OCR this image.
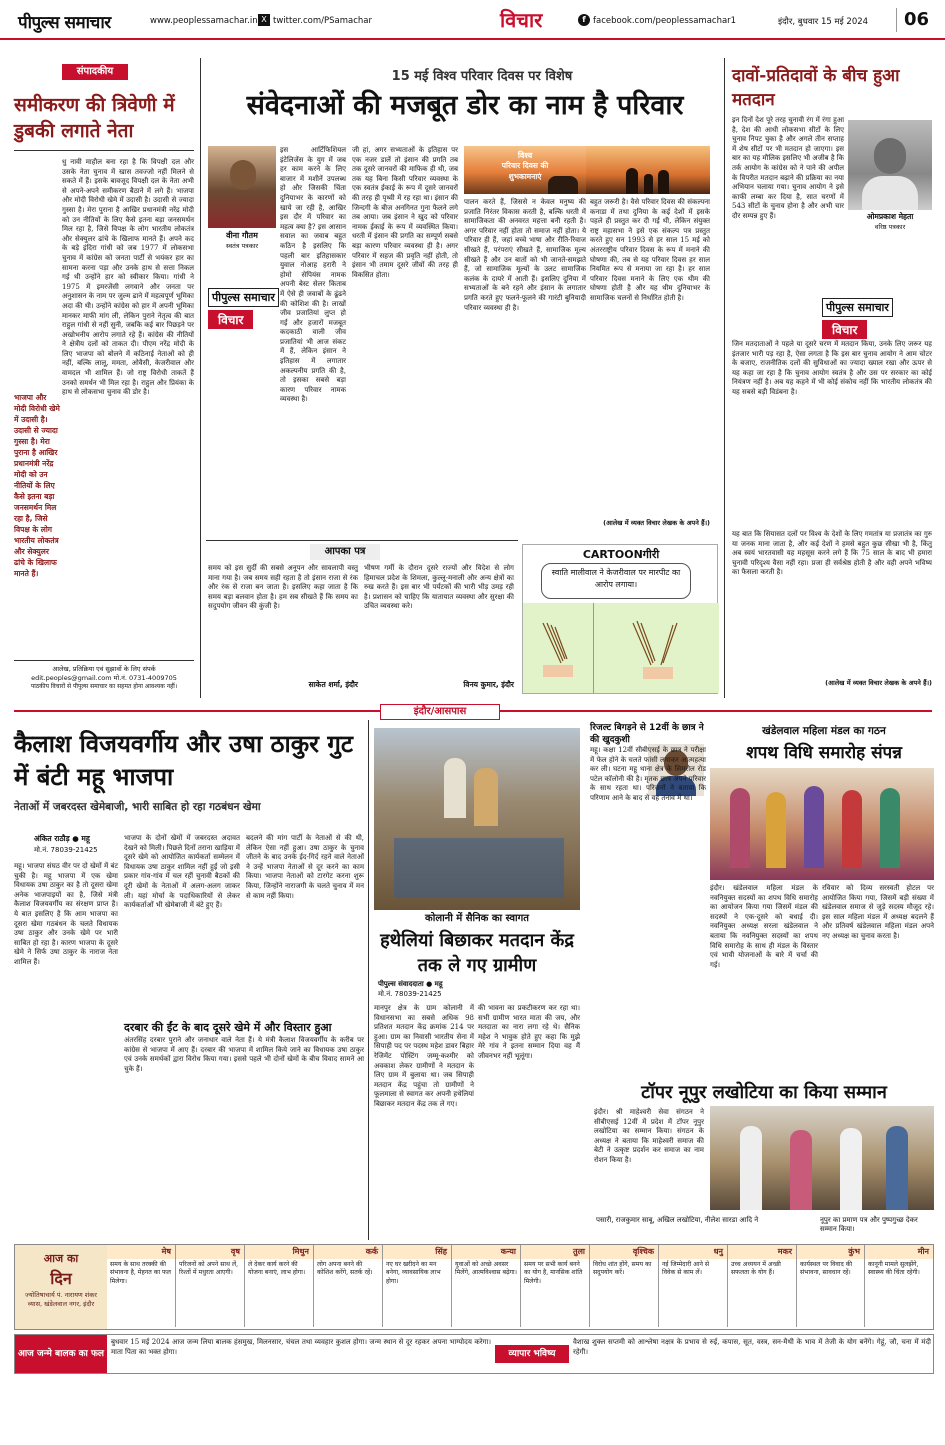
पीपुल्स समाचार	www.peoplessamachar.in X twitter.com/PSamachar	विचार	f facebook.com/peoplessamachar1	इंदौर, बुधवार 15 मई 2024	06
संपादकीय
समीकरण की त्रिवेणी में डुबकी लगाते नेता
धु नावी माहौल बना रहा है कि विपक्षी दल और उसके नेता चुनाव में खास तवज्जो नहीं मिलने से सकते में हैं। इसके बावजूद विपक्षी दल के नेता अभी से अपने-अपने समीकरण बैठाने में लगे हैं। भाजपा और मोदी विरोधी खेमे में उदासी है। उदासी से ज्यादा गुस्सा है। मेरा पुराना है आखिर प्रधानमंत्री नरेंद्र मोदी को उन नीतियों के लिए कैसे इतना बड़ा जनसमर्थन मिल रहा है, जिसे विपक्ष के लोग भारतीय लोकतंत्र और सेक्युलर ढांचे के खिलाफ मानते हैं। अपने कद के बड़े इंदिरा गांधी को जब 1977 में लोकसभा चुनाव में कांग्रेस को जनता पार्टी से भयंकर हार का सामना करना पड़ा और उनके हाथ से सत्ता निकल गई थी उन्होंने हार को स्वीकार किया। गांधी ने 1975 में इमरजेंसी लगवाने और जनता पर अनुशासन के नाम पर जुल्म ढाने में महत्वपूर्ण भूमिका अदा की थी। उन्होंने कांग्रेस को हार में अपनी भूमिका मानकर माफी मांग ली, लेकिन पुराने नेतृत्व की बात राहुल गांधी से नहीं सुनी, जबकि कई बार पिछड़ने पर अखोभनीय आरोप लगाते रहे हैं। कांग्रेस की नीतियों ने क्षेत्रीय दलों को ताकत दी। पीएम नरेंद्र मोदी के लिए भाजपा को बोलने में कठिनाई नेताओं को ही नहीं, बल्कि लालू, ममता, ओवैसी, केजरीवाल और वामदल भी शामिल हैं। जो राष्ट्र विरोधी ताकतें हैं उनको समर्थन भी मिल रहा है। राहुल और प्रियंका के हाथ से लोकसभा चुनाव की डोर है।
भाजपा और मोदी विरोधी खेमे में उदासी है। उदासी से ज्यादा गुस्सा है। मेरा पुराना है आखिर प्रधानमंत्री नरेंद्र मोदी को उन नीतियों के लिए कैसे इतना बड़ा जनसमर्थन मिल रहा है, जिसे विपक्ष के लोग भारतीय लोकतंत्र और सेक्युलर ढांचे के खिलाफ मानते हैं।
आलेख, प्रतिक्रिया एवं सुझावों के लिए संपर्क
edit.peoples@gmail.com मो.नं. 0731-4009705
पाठकीय विचारों से पीपुल्स समाचार का सहमत होना आवश्यक नहीं।
15 मई विश्व परिवार दिवस पर विशेष
संवेदनाओं की मजबूत डोर का नाम है परिवार
वीना गौतम
स्वतंत्र पत्रकार
पीपुल्स समाचार
विचार
इस आर्टिफिशियल इंटेलिजेंस के युग में जब हर काम करने के लिए बाजार में मशीनें उपलब्ध हो और जिसकी चिंता दुनियाभर के कारणों को खाये जा रही है, आखिर इस दौर में परिवार का महत्व क्या है? इस आसान सवाल का जवाब बहुत कठिन है इसलिए कि पहली बार इतिहासकार युवाल नोआह हरारी ने होमो सेपियंस नामक अपनी बेस्ट सेलर किताब में ऐसे ही जवाबों के ढूंढने की कोशिश की है। लाखों जीव प्रजातियां लुप्त हो गईं और हजारों मजबूत कदकाठी वाली जीव प्रजातियां भी आज संकट में हैं, लेकिन इंसान ने इतिहास में लगातार अकल्पनीय प्रगति की है, तो इसका सबसे बड़ा कारण परिवार नामक व्यवस्था है।
जी हां, अगर सभ्यताओं के इतिहास पर एक नजर डालें तो इंसान की प्रगति तब तक दूसरे जानवरों की माफिक ही थी, जब तक यह बिना किसी परिवार व्यवस्था के एक स्वतंत्र ईकाई के रूप में दूसरे जानवरों की तरह ही पृथ्वी में रह रहा था। इंसान की जिन्दगी के बीज अनगिनत गुना फैलने लगे तब आया। जब इंसान ने खुद को परिवार नामक ईकाई के रूप में व्यवस्थित किया। धरती में इंसान की प्रगति का सम्पूर्ण सबसे बड़ा कारण परिवार व्यवस्था ही है। अगर परिवार में सहज की प्रवृति नहीं होती, तो इंसान भी तमाम दूसरे जीवों की तरह ही विकसित होता।
विश्व
परिवार दिवस की
शुभकामनाएं
पालन करते हैं, जिससे न केवल मनुष्य की प्रजाति निरंतर विकास करती है, बल्कि धरती में सामाजिकता की अनवरत महत्ता बनी रहती है। अगर परिवार नहीं होता तो समाज नहीं होता। ये परिवार ही हैं, जहां बच्चे भाषा और रीति-रिवाज सीखते हैं, परंपराएं सीखते हैं, सामाजिक मूल्य सीखते हैं और उन बातों को भी जानते-समझते हैं, जो सामाजिक मूल्यों के उलट सामाजिक कलंक के दायरे में आती हैं। इसलिए दुनिया में सभ्यताओं के बने रहने और इंसान के लगातार प्रगति करते हुए फलने-फूलने की गारंटी बुनियादी परिवार व्यवस्था ही है।
बहुत जरूरी है। वैसे परिवार दिवस की संकल्पना कनाडा में तथा दुनिया के कई देशों में इसके पहले ही प्रस्तुत कर दी गई थी, लेकिन संयुक्त राष्ट्र महासभा ने इसे एक संकल्प पत्र प्रस्तुत करते हुए सन 1993 से हर साल 15 मई को अंतरराष्ट्रीय परिवार दिवस के रूप में मनाने की घोषणा की, तब से यह परिवार दिवस हर साल नियमित रूप से मनाया जा रहा है। हर साल परिवार दिवस मनाने के लिए एक थीम की घोषणा होती है और यह थीम दुनियाभर के सामाजिक चलनों से निर्धारित होती है।
(आलेख में व्यक्त विचार लेखक के अपने हैं।)
दावों-प्रतिदावों के बीच हुआ मतदान
इन दिनों देश पूरे तरह चुनावी रंग में रंगा हुआ है, देश की आधी लोकसभा सीटों के लिए चुनाव निपट चुका है और अगले तीन सप्ताह में शेष सीटों पर भी मतदान हो जाएगा। इस बार का यह मौलिक इसलिए भी अजीब है कि तर्क आयोग के कांग्रेस को ने पाने की अपील के विपरीत मतदान बढ़ाने की प्रक्रिया का नया अभियान चलाया गया। चुनाव आयोग ने इसे काफी लम्बा कर दिया है, सात चरणों में 543 सीटों के चुनाव होना है और अभी चार दौर सम्पन्न हुए हैं।	ओमप्रकाश मेहता
वरिष्ठ पत्रकार
पीपुल्स समाचार
विचार
जिन मतदाताओं ने पहले या दूसरे चरण में मतदान किया, उनके लिए जरूर यह इंतजार भारी पड़ रहा है, ऐसा लगता है कि इस बार चुनाव आयोग ने आम चोटर के बजाए, राजनीतिक दलों की सुविधाओं का ज्यादा ख्याल रखा और ऊपर से यह कहा जा रहा है कि चुनाव आयोग स्वतंत्र है और उस पर सरकार का कोई नियंत्रण नहीं है। अब यह कहने में भी कोई संकोच नहीं कि भारतीय लोकतंत्र की यह सबसे बड़ी विडंबना है।
यह बात कि सियासत दलों पर विश्व के देशों के लिए गमतांत्र या प्रजातंत्र का गुरु या जनक माना जाता है, और कई देशों ने हमसे बहुत कुछ सीखा भी है, किंतु अब स्वयं भारतवासी यह महसूस करने लगे हैं कि 75 साल के बाद भी हमारा चुनावी परिदृश्य वैसा नहीं रहा। प्रजा ही सर्वश्रेष्ठ होती है और वही अपने भविष्य का फैसला करती है।
(आलेख में व्यक्त विचार लेखक के अपने हैं।)
आपका पत्र
समय को इस सुर्दी की सबसे अनूपन और सावलापी वस्तु माना गया है। जब समय सही रहता है तो इंसान राजा से रंक और रंक से राजा बन जाता है। इसलिए कहा जाता है कि समय बड़ा बलवान होता है। हम सब सीखते हैं कि समय का सदुपयोग जीवन की कुंजी है।
साकेत शर्मा, इंदौर
भीषण गर्मी के दौरान दूसरे राज्यों और विदेश से लोग हिमाचल प्रदेश के शिमला, कुल्लू-मनाली और अन्य क्षेत्रों का रुख करते हैं। इस बार भी पर्यटकों की भारी भीड़ उमड़ रही है। प्रशासन को चाहिए कि यातायात व्यवस्था और सुरक्षा की उचित व्यवस्था करे।
विनय कुमार, इंदौर
CARTOONगीरी
स्वाति मालीवाल ने केजरीवाल पर मारपीट का आरोप लगाया।
इंदौर/आसपास
कैलाश विजयवर्गीय और उषा ठाकुर गुट में बंटी महू भाजपा
नेताओं में जबरदस्त खेमेबाजी, भारी साबित हो रहा गठबंधन खेमा
अंकित राठौड़ ● महू
मो.नं. 78039-21425
महू। भाजपा संघठ वीर पर दो खेमों में बंट चुकी है। महू भाजपा में एक खेमा विधायक उषा ठाकुर का है तो दूसरा खेमा अनेक भाजपाइयों का है, जिसे मंत्री कैलाश विजयवर्गीय का संरक्षण प्राप्त है। ये बात इसलिए है कि आम भाजपा का दूसरा खेमा गठबंधन के चलते विधायक उषा ठाकुर और उनके खेमे पर भारी साबित हो रहा है। कारण भाजपा के दूसरे खेमे ने सिर्फ उषा ठाकुर के नाराज नेता शामिल हैं।
भाजपा के दोनों खेमों में जबरदस्त अदावत देखने को मिली। पिछले दिनों तराना खाड़िया में दूसरे खेमे को आयोजित कार्यकर्ता सम्मेलन में विधायक उषा ठाकुर शामिल नहीं हुईं जो इसी प्रकार गांव-गांव में चल रहीं चुनावी बैठकों की दूरी खेमों के नेताओं में अलग-अलग जाकर ली। यहां मोर्चा के पदाधिकारियों से लेकर कार्यकर्ताओं भी खेमेबाजी में बंटे हुए हैं।
बदलने की मांग पार्टी के नेताओं से की थी, लेकिन ऐसा नहीं हुआ। उषा ठाकुर के चुनाव जीतने के बाद उनके ईद-गिर्द रहने वाले नेताओं ने उन्हें भाजपा नेताओं से दूर करने का काम किया। भाजपा नेताओं को टारगेट करना शुरू किया, जिन्होंने नाराजगी के चलते चुनाव में मन से काम नहीं किया।
दरबार की ईंट के बाद दूसरे खेमे में और विस्तार हुआ
अंतरसिंह दरबार पुराने और जनाधार वाले नेता हैं। ये मंत्री कैलाश विजयवर्गीय के करीब पर कांग्रेस से भाजपा में आए हैं। दरबार की भाजपा में शामिल किये जाने का विधायक उषा ठाकुर एवं उनके समर्थकों द्वारा विरोध किया गया। इससे पहले भी दोनों खेमों के बीच विवाद सामने आ चुके हैं।
कोलानी में सैनिक का स्वागत
हथेलियां बिछाकर मतदान केंद्र तक ले गए ग्रामीण
पीपुल्स संवाददाता ● महू
मो.नं. 78039-21425
मानपुर क्षेत्र के ग्राम कोलानी में विधानसभा का सबसे अधिक 98 प्रतिशत मतदान केंद्र क्रमांक 214 पर हुआ। ग्राम का निवासी भारतीय सेना में सिपाही पद पर पदस्थ महेश डावर बिहार रेजिमेंट पोस्टिंग जम्मू-कश्मीर को अवकाश लेकर ग्रामीणों ने मतदान के लिए ग्राम में बुलाया था। जब सिपाही मतदान केंद्र पहुंचा तो ग्रामीणों ने फूलमाला से स्वागत कर अपनी हथेलियां बिछाकर मतदान केंद्र तक ले गए।
की भावना का प्रकटीकरण कर रहा था। सभी ग्रामीण भारत माता की जय, और मतदाता का नारा लगा रहे थे। सैनिक महेश ने भावुक होते हुए कहा कि मुझे मेरे गांव ने इतना सम्मान दिया वह मैं जीवनभर नहीं भूलूंगा।
रिजल्ट बिगड़ने से 12वीं के छात्र ने की खुदकुशी
महू। कक्षा 12वीं सीबीएसई के छात्र ने परीक्षा में फेल होने के चलते फांसी लगाकर आत्महत्या कर ली। घटना महू थाना क्षेत्र के सिमरोल रोड पटेल कॉलोनी की है। मृतक छात्र अपने परिवार के साथ रहता था। परिजनों ने बताया कि परिणाम आने के बाद से वह तनाव में था।
खंडेलवाल महिला मंडल का गठन
शपथ विधि समारोह संपन्न
इंदौर। खंडेलवाल महिला मंडल के नवनियुक्त सदस्यों का शपथ विधि समारोह का आयोजन किया गया जिसमें मंडल की सदस्यों ने एक-दूसरे को बधाई दी। नवनियुक्त अध्यक्ष सरला खंडेलवाल ने बताया कि नवनियुक्त सदस्यों का शपथ विधि समारोह के साथ ही मंडल के विस्तार एवं भावी योजनाओं के बारे में चर्चा की गई।
रविवार को दिव्य सरस्वती होटल पर आयोजित किया गया, जिसमें बड़ी संख्या में खंडेलवाल समाज से जुड़े सदस्य मौजूद रहे। इस साल महिला मंडल में अध्यक्ष बदलने हैं और प्रतिवर्ष खंडेलवाल महिला मंडल अपने नए अध्यक्ष का चुनाव करता है।
टॉपर नूपुर लखोटिया का किया सम्मान
इंदौर। श्री माहेश्वरी सेवा संगठन ने सीबीएसई 12वीं में प्रदेश में टॉपर नूपुर लखोटिया का सम्मान किया। संगठन के अध्यक्ष ने बताया कि माहेश्वरी समाज की बेटी ने उत्कृष्ट प्रदर्शन कर समाज का नाम रोशन किया है।
पसारी, राजकुमार साबू, अखिल लखोटिया, नीलेश सारडा आदि ने	नूपुर का प्रमाण पत्र और पुष्पगुच्छ देकर सम्मान किया।
आज का
दिन
ज्योतिषाचार्य पं. नारायण शंकर व्यास, खंडेलवाल नगर, इंदौर
मेष
समय के साथ तरक्की की संभावना है, मेहनत का फल मिलेगा।
वृष
परिजनों को अपने साथ लें, रिश्तों में मधुरता आएगी।
मिथुन
ले देकर कार्य करने की योजना बनाएं, लाभ होगा।
कर्क
लोग अपना बनने की कोशिश करेंगे, सतर्क रहें।
सिंह
नए घर खरीदने का मन बनेगा, व्यावसायिक लाभ होगा।
कन्या
युवाओं को अच्छे अवसर मिलेंगे, आत्मविश्वास बढ़ेगा।
तुला
समय पर सभी कार्य बनने का योग है, मानसिक शांति मिलेगी।
वृश्चिक
विरोध शांत होंगे, समय का सदुपयोग करें।
धनु
नई जिम्मेदारी आने से विवेक से काम लें।
मकर
उच्च अध्ययन में अच्छी सफलता के योग हैं।
कुंभ
कार्यस्थल पर विवाद की संभावना, सावधान रहें।
मीन
कानूनी मामले सुलझेंगे, स्वास्थ्य की चिंता रहेगी।
आज जन्मे बालक का फल
बुधवार 15 मई 2024 आज जन्म लिया बालक हंसमुख, मिलनसार, चंचल तथा व्यवहार कुशल होगा। जन्म स्थान से दूर रहकर अपना भाग्योदय करेगा। माता पिता का भक्त होगा।	व्यापार भविष्य
वैशाख शुक्ल सप्तमी को आश्लेषा नक्षत्र के प्रभाव से रुई, कपास, सूत, वस्त्र, सन-मैथी के भाव में तेजी के योग बनेंगे। गेहूं, जौ, चना में मंदी रहेगी।
